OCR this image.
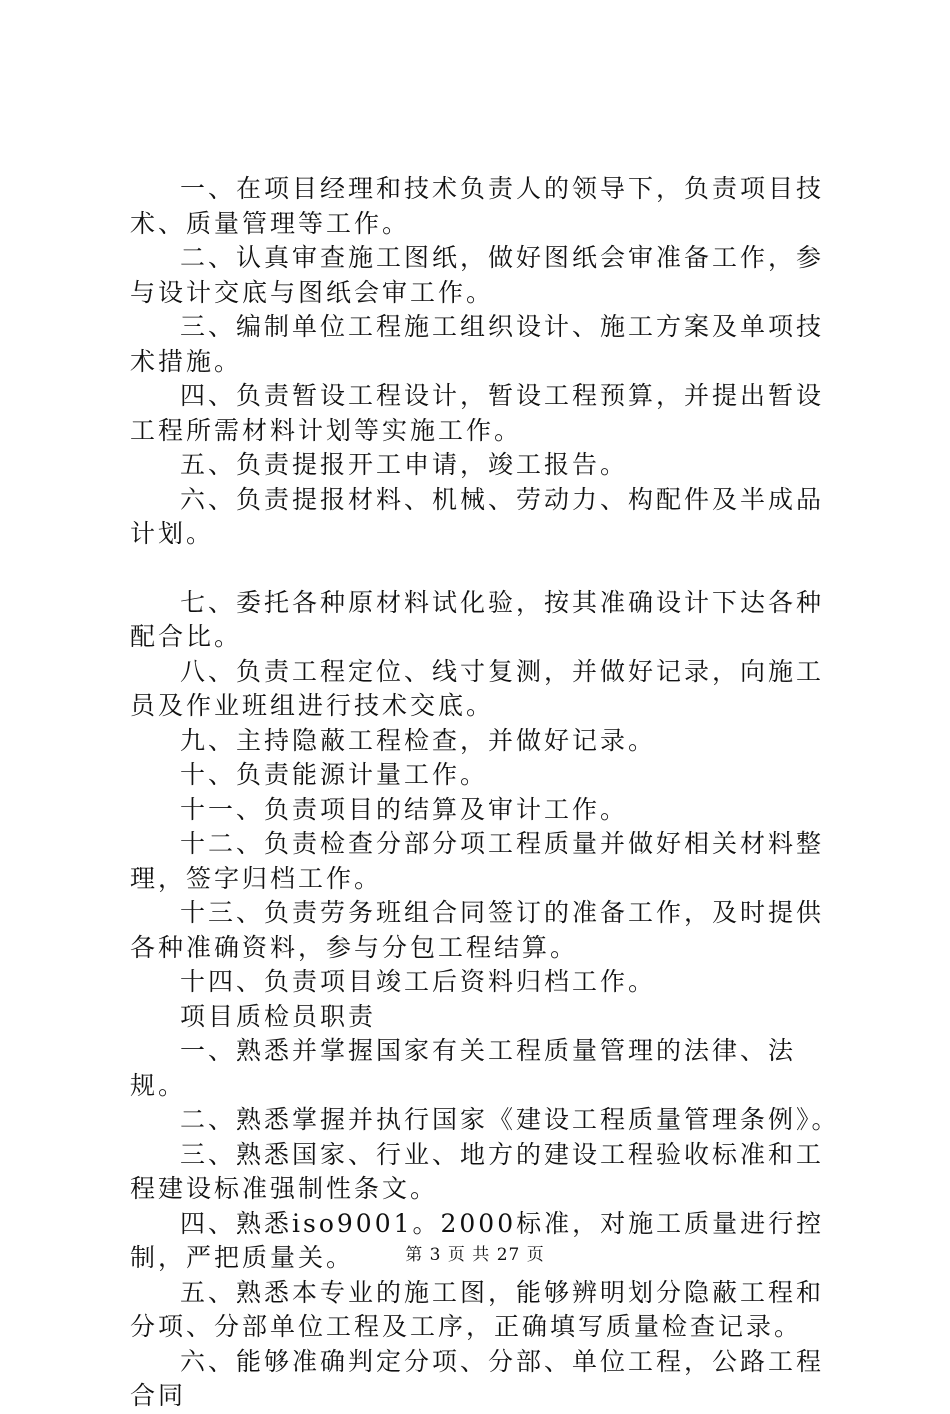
一、在项目经理和技术负责人的领导下，负责项目技术、质量管理等工作。

二、认真审查施工图纸，做好图纸会审准备工作，参与设计交底与图纸会审工作。

三、编制单位工程施工组织设计、施工方案及单项技术措施。

四、负责暂设工程设计，暂设工程预算，并提出暂设工程所需材料计划等实施工作。

五、负责提报开工申请，竣工报告。

六、负责提报材料、机械、劳动力、构配件及半成品计划。

七、委托各种原材料试化验，按其准确设计下达各种配合比。

八、负责工程定位、线寸复测，并做好记录，向施工员及作业班组进行技术交底。

九、主持隐蔽工程检查，并做好记录。

十、负责能源计量工作。

十一、负责项目的结算及审计工作。

十二、负责检查分部分项工程质量并做好相关材料整理，签字归档工作。

十三、负责劳务班组合同签订的准备工作，及时提供各种准确资料，参与分包工程结算。

十四、负责项目竣工后资料归档工作。

项目质检员职责

一、熟悉并掌握国家有关工程质量管理的法律、法规。

二、熟悉掌握并执行国家《建设工程质量管理条例》。

三、熟悉国家、行业、地方的建设工程验收标准和工程建设标准强制性条文。

四、熟悉iso9001。2000标准，对施工质量进行控制，严把质量关。

五、熟悉本专业的施工图，能够辨明划分隐蔽工程和分项、分部单位工程及工序，正确填写质量检查记录。

六、能够准确判定分项、分部、单位工程，公路工程合同

第 3 页 共 27 页
